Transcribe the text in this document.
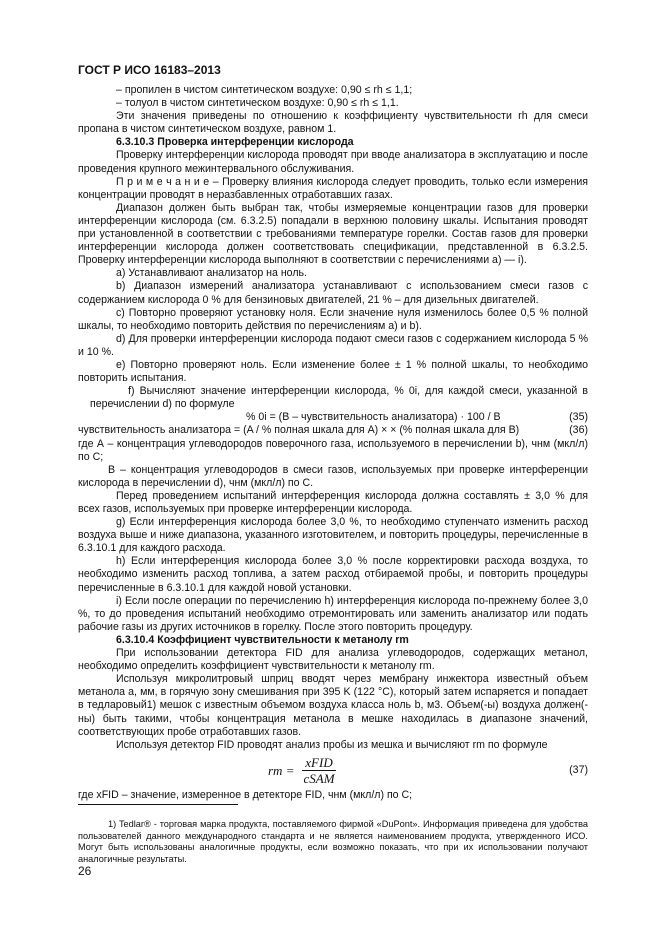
ГОСТ Р ИСО 16183–2013

– пропилен в чистом синтетическом воздухе: 0,90 ≤ rh ≤ 1,1;

– толуол в чистом синтетическом воздухе: 0,90 ≤ rh ≤ 1,1.

Эти значения приведены по отношению к коэффициенту чувствительности rh для смеси пропана в чистом синтетическом воздухе, равном 1.

6.3.10.3 Проверка интерференции кислорода

Проверку интерференции кислорода проводят при вводе анализатора в эксплуатацию и после проведения крупного межинтервального обслуживания.

П р и м е ч а н и е – Проверку влияния кислорода следует проводить, только если измерения концентрации проводят в неразбавленных отработавших газах.

Диапазон должен быть выбран так, чтобы измеряемые концентрации газов для проверки интерференции кислорода (см. 6.3.2.5) попадали в верхнюю половину шкалы. Испытания проводят при установленной в соответствии с требованиями температуре горелки. Состав газов для проверки интерференции кислорода должен соответствовать спецификации, представленной в 6.3.2.5. Проверку интерференции кислорода выполняют в соответствии с перечислениями а) — i).

a) Устанавливают анализатор на ноль.

b) Диапазон измерений анализатора устанавливают с использованием смеси газов с содержанием кислорода 0 % для бензиновых двигателей, 21 % – для дизельных двигателей.

c) Повторно проверяют установку ноля. Если значение нуля изменилось более 0,5 % полной шкалы, то необходимо повторить действия по перечислениям a) и b).

d) Для проверки интерференции кислорода подают смеси газов с содержанием кислорода 5 % и 10 %.

e) Повторно проверяют ноль. Если изменение более ± 1 % полной шкалы, то необходимо повторить испытания.

f) Вычисляют значение интерференции кислорода, % 0i, для каждой смеси, указанной в перечислении d) по формуле

% 0i = (B – чувствительность анализатора) · 100 / B	(35)
чувствительность анализатора = (A / % полная шкала для A) × × (% полная шкала для B)	(36)

где А – концентрация углеводородов поверочного газа, используемого в перечислении b), чнм (мкл/л) по C;

B – концентрация углеводородов в смеси газов, используемых при проверке интерференции кислорода в перечислении d), чнм (мкл/л) по С.

Перед проведением испытаний интерференция кислорода должна составлять ± 3,0 % для всех газов, используемых при проверке интерференции кислорода.

g) Если интерференция кислорода более 3,0 %, то необходимо ступенчато изменить расход воздуха выше и ниже диапазона, указанного изготовителем, и повторить процедуры, перечисленные в 6.3.10.1 для каждого расхода.

h) Если интерференция кислорода более 3,0 % после корректировки расхода воздуха, то необходимо изменить расход топлива, а затем расход отбираемой пробы, и повторить процедуры перечисленные в 6.3.10.1 для каждой новой установки.

i) Если после операции по перечислению h) интерференция кислорода по-прежнему более 3,0 %, то до проведения испытаний необходимо отремонтировать или заменить анализатор или подать рабочие газы из других источников в горелку. После этого повторить процедуру.

6.3.10.4 Коэффициент чувствительности к метанолу rm

При использовании детектора FID для анализа углеводородов, содержащих метанол, необходимо определить коэффициент чувствительности к метанолу rm.

Используя микролитровый шприц вводят через мембрану инжектора известный объем метанола a, мм, в горячую зону смешивания при 395 K (122 °C), который затем испаряется и попадает в тедларовый1) мешок с известным объемом воздуха класса ноль b, м3. Объем(-ы) воздуха должен(-ны) быть такими, чтобы концентрация метанола в мешке находилась в диапазоне значений, соответствующих пробе отработавших газов.

Используя детектор FID проводят анализ пробы из мешка и вычисляют rm по формуле

rm = $\frac{\text{xFID}}{\text{cSAM}}$	(37)

где xFID – значение, измеренное в детекторе FID, чнм (мкл/л) по C;

1) Tedlar® - торговая марка продукта, поставляемого фирмой «DuPont». Информация приведена для удобства пользователей данного международного стандарта и не является наименованием продукта, утвержденного ИСО. Могут быть использованы аналогичные продукты, если возможно показать, что при их использовании получают аналогичные результаты.

26
